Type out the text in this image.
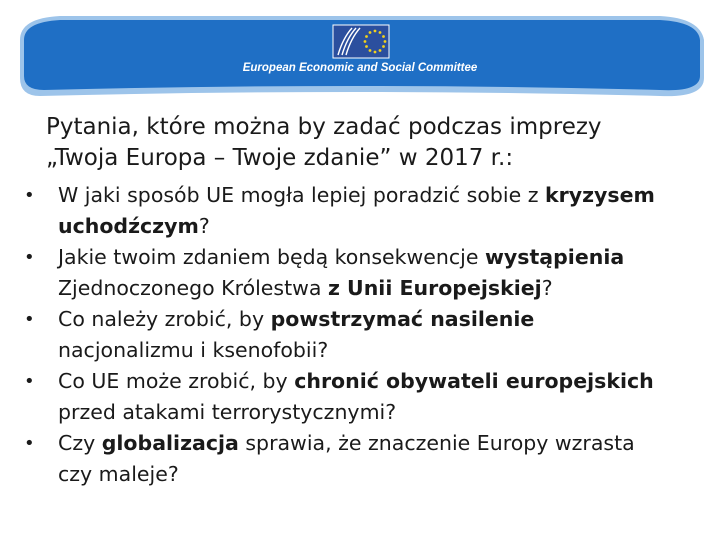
European Economic and Social Committee
Pytania, które można by zadać podczas imprezy
„Twoja Europa – Twoje zdanie” w 2017 r.:
• W jaki sposób UE mogła lepiej poradzić sobie z kryzysem
uchodźczym?
• Jakie twoim zdaniem będą konsekwencje wystąpienia
Zjednoczonego Królestwa z Unii Europejskiej?
• Co należy zrobić, by powstrzymać nasilenie
nacjonalizmu i ksenofobii?
• Co UE może zrobić, by chronić obywateli europejskich
przed atakami terrorystycznymi?
• Czy globalizacja sprawia, że znaczenie Europy wzrasta
czy maleje?
